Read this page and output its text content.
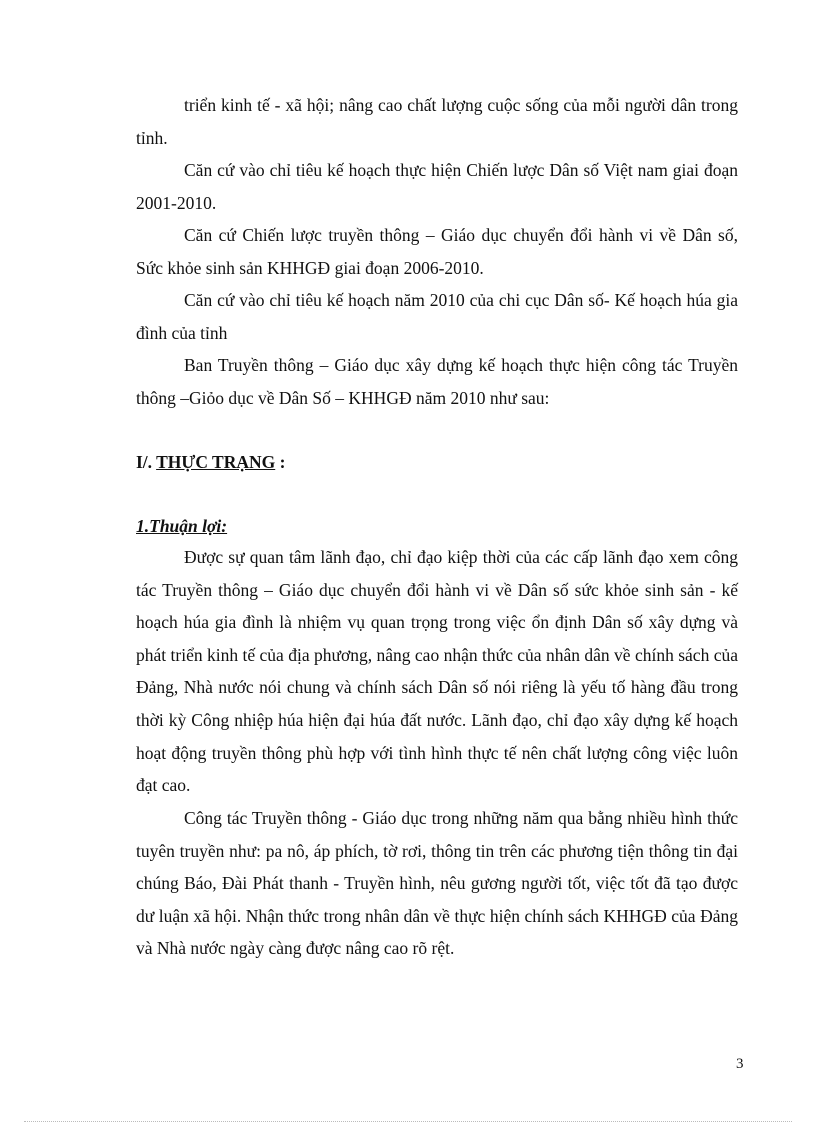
triển kinh tế - xã hội; nâng cao chất lượng cuộc sống của mỗi người dân trong tỉnh.

Căn cứ vào chỉ tiêu kế hoạch thực hiện Chiến lược Dân số Việt nam giai đoạn 2001-2010.

Căn cứ Chiến lược truyền thông – Giáo dục chuyển đổi hành vi về Dân số, Sức khỏe sinh sản KHHGĐ giai đoạn 2006-2010.

Căn cứ vào chỉ tiêu kế hoạch năm 2010 của chi cục Dân số- Kế hoạch húa gia đình của tỉnh

Ban Truyền thông – Giáo dục xây dựng kế hoạch thực hiện công tác Truyền thông –Giỏo dục về Dân Số – KHHGĐ năm 2010 như sau:

I/. THỰC TRẠNG :

1.Thuận lợi:

Được sự quan tâm lãnh đạo, chỉ đạo kiệp thời của các cấp lãnh đạo xem công tác Truyền thông – Giáo dục chuyển đổi hành vi về Dân số sức khỏe sinh sản - kế hoạch húa gia đình là nhiệm vụ quan trọng trong việc ổn định Dân số xây dựng và phát triển kinh tế của địa phương, nâng cao nhận thức của nhân dân về chính sách của Đảng, Nhà nước nói chung và chính sách Dân số nói riêng là yếu tố hàng đầu trong thời kỳ Công nhiệp húa hiện đại húa đất nước. Lãnh đạo, chỉ đạo xây dựng kế hoạch hoạt động truyền thông phù hợp với tình hình thực tế nên chất lượng công việc luôn đạt cao.

Công tác Truyền thông - Giáo dục trong những năm qua bằng nhiều hình thức tuyên truyền như: pa nô, áp phích, tờ rơi, thông tin trên các phương tiện thông tin đại chúng Báo, Đài Phát thanh - Truyền hình, nêu gương người tốt, việc tốt đã tạo được dư luận xã hội. Nhận thức trong nhân dân về thực hiện chính sách KHHGĐ của Đảng và Nhà nước ngày càng được nâng cao rõ rệt.

3
